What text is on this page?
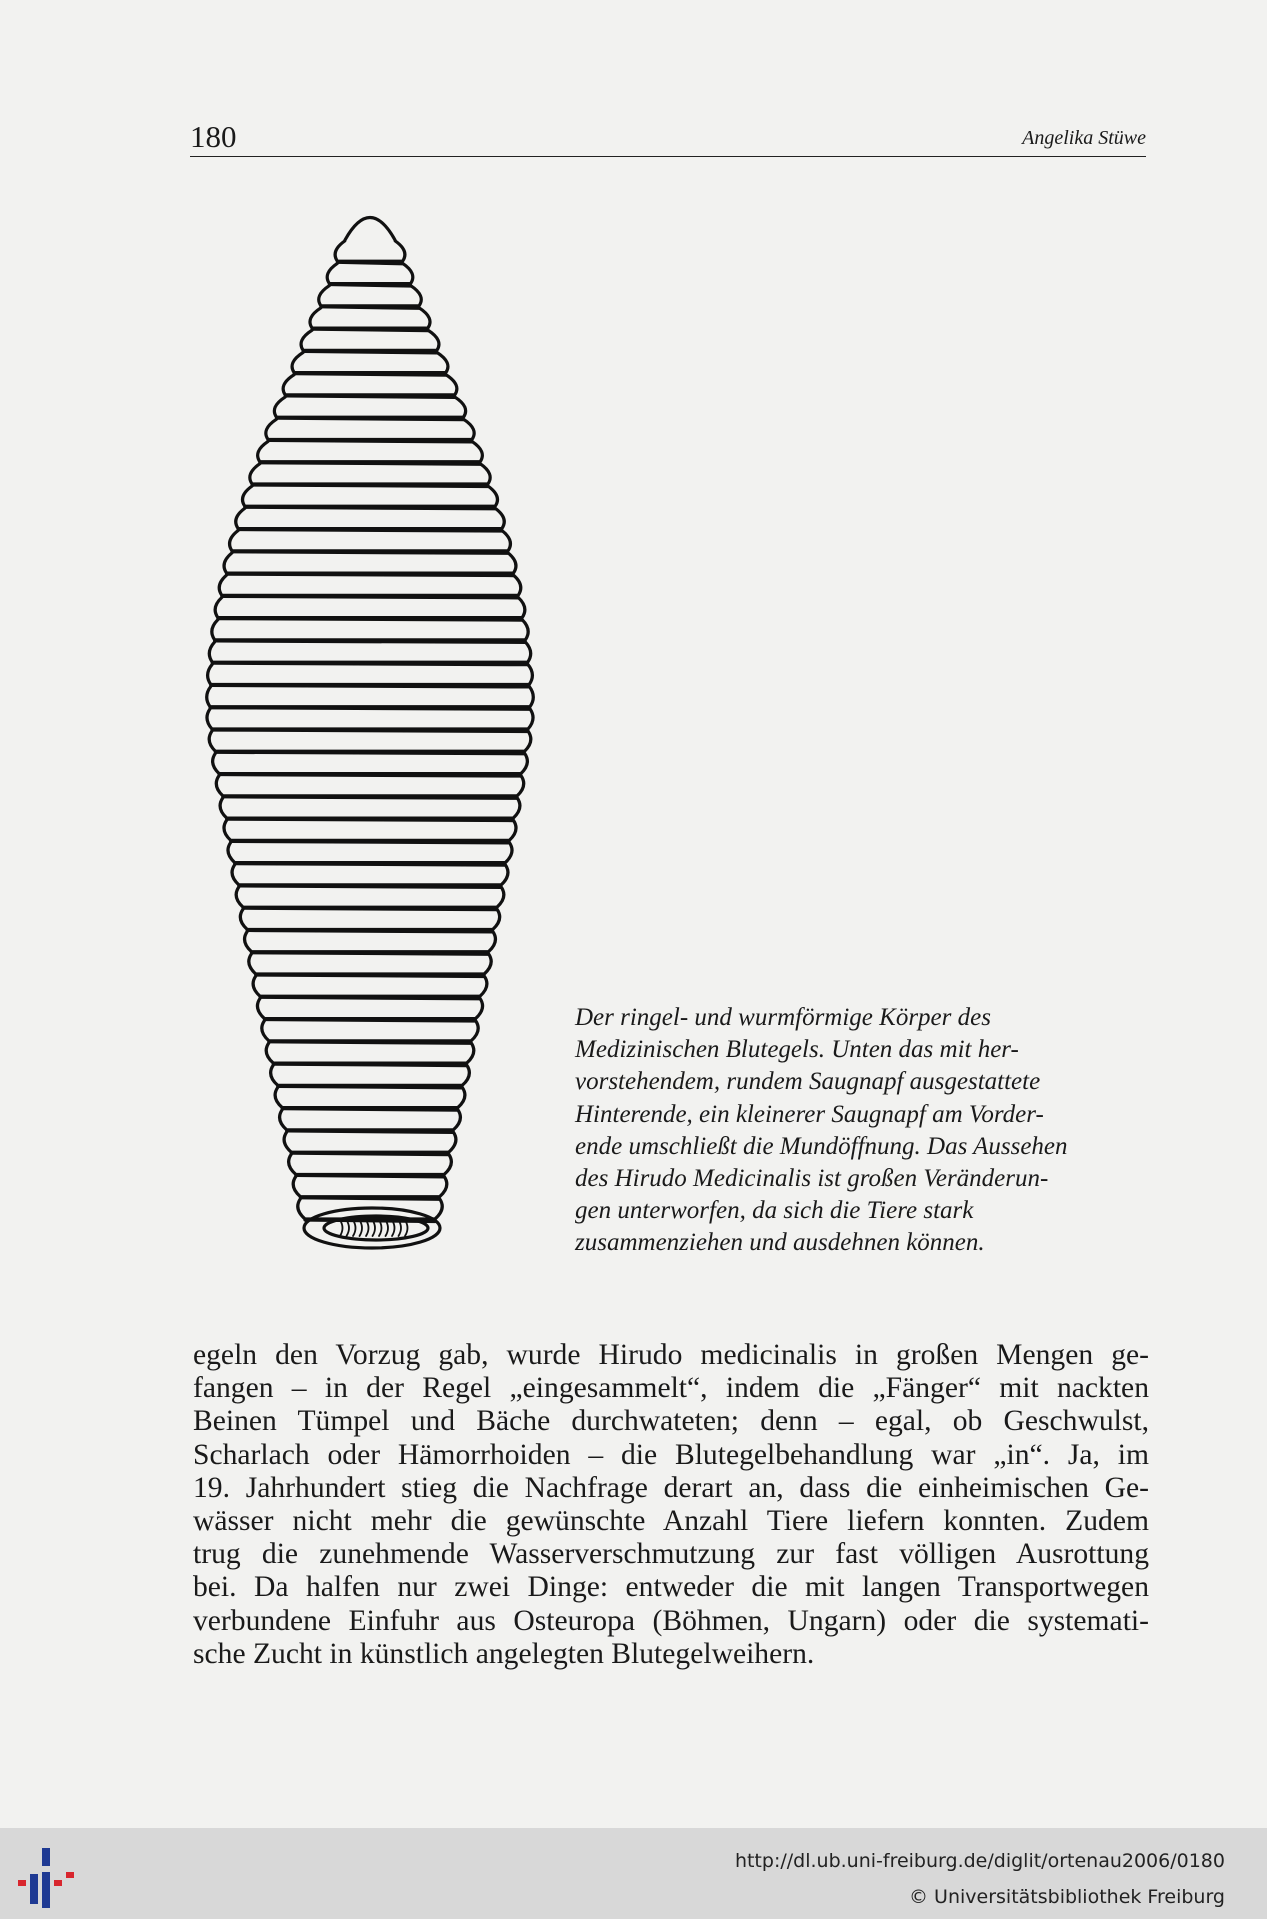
180	Angelika Stüwe
Der ringel- und wurmförmige Körper des
Medizinischen Blutegels. Unten das mit her-
vorstehendem, rundem Saugnapf ausgestattete
Hinterende, ein kleinerer Saugnapf am Vorder-
ende umschließt die Mundöffnung. Das Aussehen
des Hirudo Medicinalis ist großen Veränderun-
gen unterworfen, da sich die Tiere stark
zusammenziehen und ausdehnen können.
egeln den Vorzug gab, wurde Hirudo medicinalis in großen Mengen ge-
fangen – in der Regel „eingesammelt“, indem die „Fänger“ mit nackten
Beinen Tümpel und Bäche durchwateten; denn – egal, ob Geschwulst,
Scharlach oder Hämorrhoiden – die Blutegelbehandlung war „in“. Ja, im
19. Jahrhundert stieg die Nachfrage derart an, dass die einheimischen Ge-
wässer nicht mehr die gewünschte Anzahl Tiere liefern konnten. Zudem
trug die zunehmende Wasserverschmutzung zur fast völligen Ausrottung
bei. Da halfen nur zwei Dinge: entweder die mit langen Transportwegen
verbundene Einfuhr aus Osteuropa (Böhmen, Ungarn) oder die systemati-
sche Zucht in künstlich angelegten Blutegelweihern.
http://dl.ub.uni-freiburg.de/diglit/ortenau2006/0180
© Universitätsbibliothek Freiburg
